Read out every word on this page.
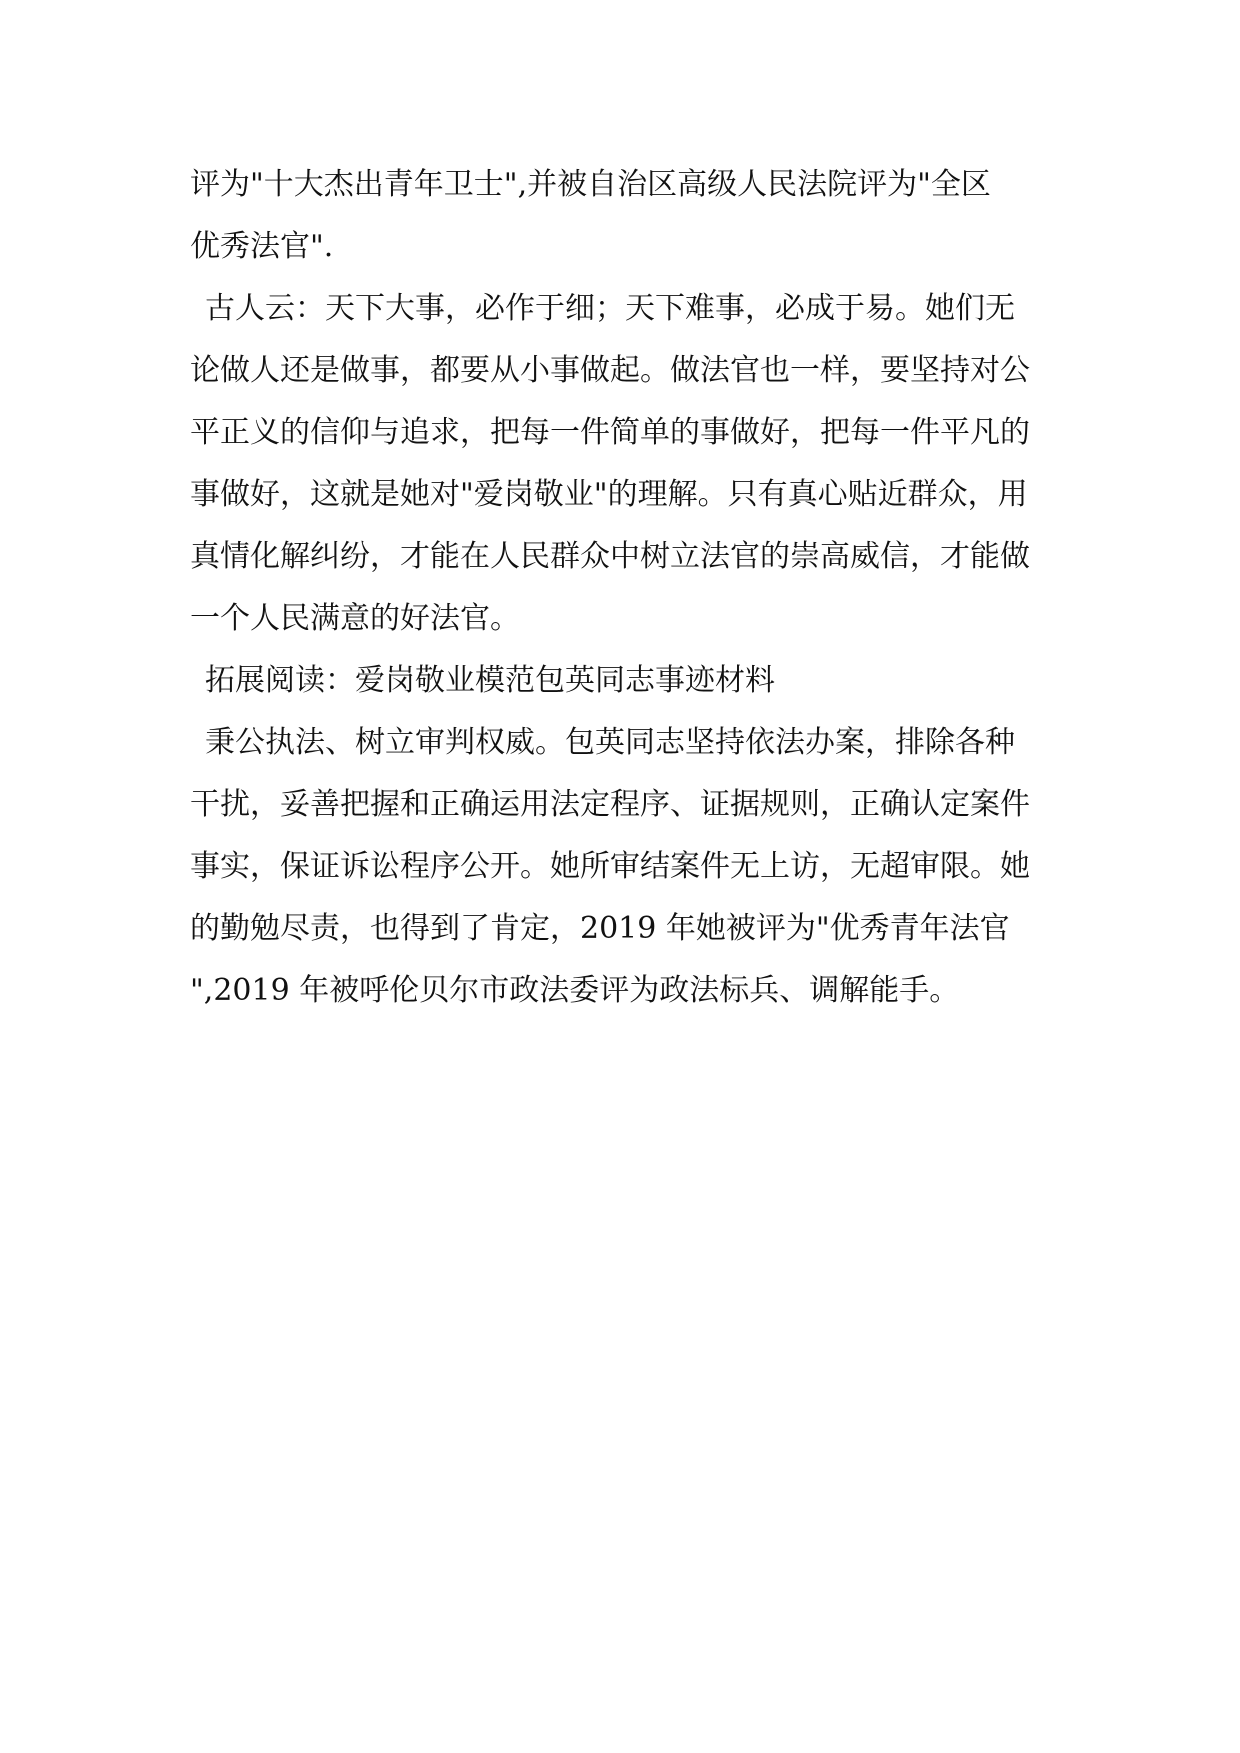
评为"十大杰出青年卫士",并被自治区高级人民法院评为"全区
优秀法官".
古人云：天下大事，必作于细；天下难事，必成于易。她们无
论做人还是做事，都要从小事做起。做法官也一样，要坚持对公
平正义的信仰与追求，把每一件简单的事做好，把每一件平凡的
事做好，这就是她对"爱岗敬业"的理解。只有真心贴近群众，用
真情化解纠纷，才能在人民群众中树立法官的崇高威信，才能做
一个人民满意的好法官。
拓展阅读：爱岗敬业模范包英同志事迹材料
秉公执法、树立审判权威。包英同志坚持依法办案，排除各种
干扰，妥善把握和正确运用法定程序、证据规则，正确认定案件
事实，保证诉讼程序公开。她所审结案件无上访，无超审限。她
的勤勉尽责，也得到了肯定，2019 年她被评为"优秀青年法官
",2019 年被呼伦贝尔市政法委评为政法标兵、调解能手。
